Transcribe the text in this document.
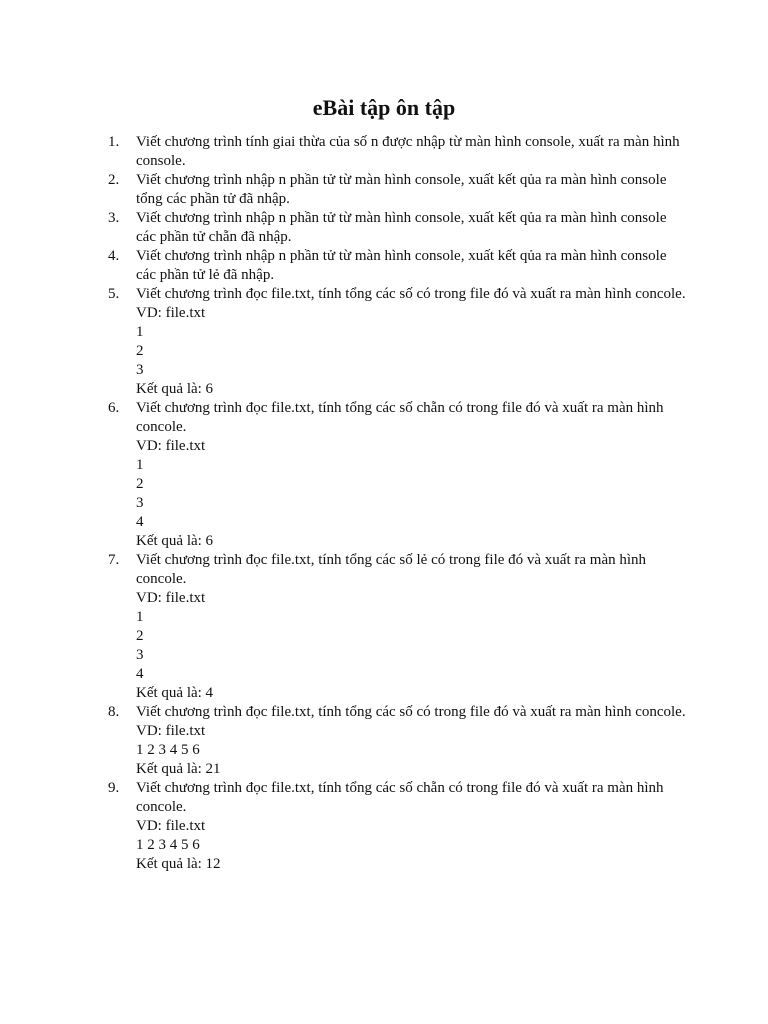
eBài tập ôn tập
1.	Viết chương trình tính giai thừa của số n được nhập từ màn hình console, xuất ra màn hình console.
2.	Viết chương trình nhập n phần tử từ màn hình console, xuất kết qủa ra màn hình console tổng các phần tử đã nhập.
3.	Viết chương trình nhập n phần tử từ màn hình console, xuất kết qủa ra màn hình console các phần tử chẵn đã nhập.
4.	Viết chương trình nhập n phần tử từ màn hình console, xuất kết qủa ra màn hình console các phần tử lẻ đã nhập.
5.	Viết chương trình đọc file.txt, tính tổng các số có trong file đó và xuất ra màn hình concole.
VD: file.txt
1
2
3
Kết quả là: 6
6.	Viết chương trình đọc file.txt, tính tổng các số chẵn có trong file đó và xuất ra màn hình concole.
VD: file.txt
1
2
3
4
Kết quả là: 6
7.	Viết chương trình đọc file.txt, tính tổng các số lẻ có trong file đó và xuất ra màn hình concole.
VD: file.txt
1
2
3
4
Kết quả là: 4
8.	Viết chương trình đọc file.txt, tính tổng các số có trong file đó và xuất ra màn hình concole.
VD: file.txt
1 2 3 4 5 6
Kết quả là: 21
9.	Viết chương trình đọc file.txt, tính tổng các số chẵn có trong file đó và xuất ra màn hình concole.
VD: file.txt
1 2 3 4 5 6
Kết quả là: 12
